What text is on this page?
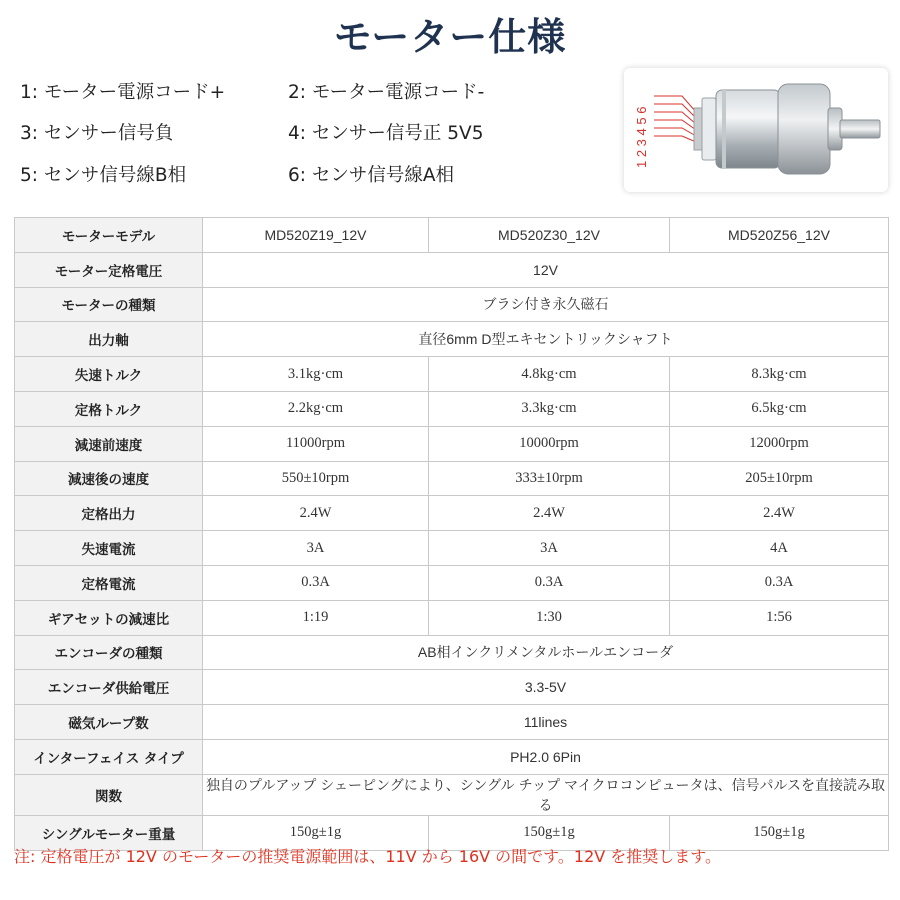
モーター仕様
1: モーター電源コード+	2: モーター電源コード-
3: センサー信号負	4: センサー信号正 5V5
5: センサ信号線B相	6: センサ信号線A相
1 2 3 4 5 6
モーターモデル	MD520Z19_12V	MD520Z30_12V	MD520Z56_12V
モーター定格電圧	12V		
モーターの種類	ブラシ付き永久磁石		
出力軸	直径6mm D型エキセントリックシャフト		
失速トルク	3.1kg·cm	4.8kg·cm	8.3kg·cm
定格トルク	2.2kg·cm	3.3kg·cm	6.5kg·cm
減速前速度	11000rpm	10000rpm	12000rpm
減速後の速度	550±10rpm	333±10rpm	205±10rpm
定格出力	2.4W	2.4W	2.4W
失速電流	3A	3A	4A
定格電流	0.3A	0.3A	0.3A
ギアセットの減速比	1:19	1:30	1:56
エンコーダの種類	AB相インクリメンタルホールエンコーダ		
エンコーダ供給電圧	3.3-5V		
磁気ループ数	11lines		
インターフェイス タイプ	PH2.0 6Pin		
関数	独自のプルアップ シェーピングにより、シングル チップ マイクロコンピュータは、信号パルスを直接読み取る		
シングルモーター重量	150g±1g	150g±1g	150g±1g
注: 定格電圧が 12V のモーターの推奨電源範囲は、11V から 16V の間です。12V を推奨します。
